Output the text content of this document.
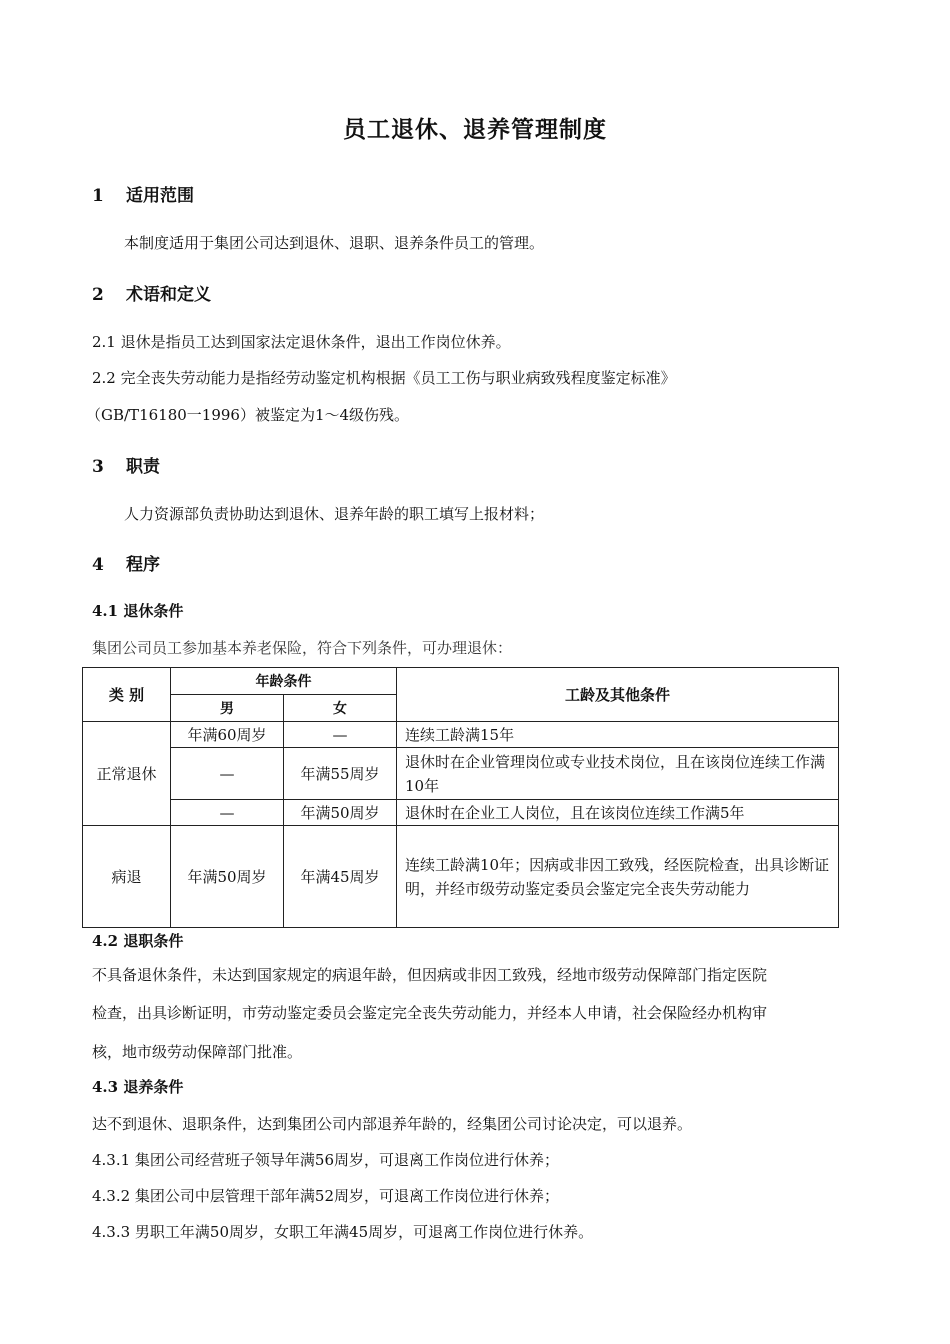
员工退休、退养管理制度
1 适用范围
本制度适用于集团公司达到退休、退职、退养条件员工的管理。
2 术语和定义
2.1 退休是指员工达到国家法定退休条件，退出工作岗位休养。
2.2 完全丧失劳动能力是指经劳动鉴定机构根据《员工工伤与职业病致残程度鉴定标准》
（GB/T16180一1996）被鉴定为1～4级伤残。
3 职责
人力资源部负责协助达到退休、退养年龄的职工填写上报材料；
4 程序
4.1 退休条件
集团公司员工参加基本养老保险，符合下列条件，可办理退休：
类 别	年龄条件		工龄及其他条件
	男	女	
正常退休	年满60周岁	—	连续工龄满15年
	—	年满55周岁	退休时在企业管理岗位或专业技术岗位，且在该岗位连续工作满10年
	—	年满50周岁	退休时在企业工人岗位，且在该岗位连续工作满5年
病退	年满50周岁	年满45周岁	连续工龄满10年；因病或非因工致残，经医院检查，出具诊断证明，并经市级劳动鉴定委员会鉴定完全丧失劳动能力
4.2 退职条件
不具备退休条件，未达到国家规定的病退年龄，但因病或非因工致残，经地市级劳动保障部门指定医院
检查，出具诊断证明，市劳动鉴定委员会鉴定完全丧失劳动能力，并经本人申请，社会保险经办机构审
核，地市级劳动保障部门批准。
4.3 退养条件
达不到退休、退职条件，达到集团公司内部退养年龄的，经集团公司讨论决定，可以退养。
4.3.1 集团公司经营班子领导年满56周岁，可退离工作岗位进行休养；
4.3.2 集团公司中层管理干部年满52周岁，可退离工作岗位进行休养；
4.3.3 男职工年满50周岁，女职工年满45周岁，可退离工作岗位进行休养。
